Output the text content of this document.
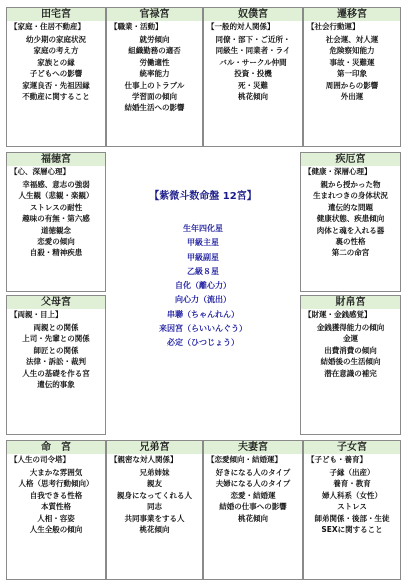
田宅宮
【家庭・住居不動産】
幼少期の家庭状況
家庭の考え方
家族との縁
子どもへの影響
家運良否・先祖因縁
不動産に関すること
官禄宮
【職業・活動】
就労傾向
組織勤務の適否
労働適性
統率能力
仕事上のトラブル
学習面の傾向
結婚生活への影響
奴僕宮
【一般的対人関係】
同僚・部下・ご近所・
同級生・同業者・ライ
バル・サークル仲間
投資・投機
死・災難
桃花傾向
遷移宮
【社会行動運】
社会運、対人運
危険察知能力
事故・災難運
第一印象
周囲からの影響
外出運
福徳宮
【心、深層心理】
幸福感、意志の強弱
人生観（悲観・楽観）
ストレスの耐性
趣味の有無・第六感
道徳観念
恋愛の傾向
自殺・精神疾患
【紫微斗数命盤 12宮】
生年四化星
甲級主星
甲級副星
乙級８星
自化（離心力）
向心力（流出）
串聯（ちゃんれん）
来因宮（らいいんぐう）
必定（ひつじょう）
疾厄宮
【健康・深層心理】
親から授かった物
生まれつきの身体状況
遺伝的な問題
健康状態、疾患傾向
肉体と魂を入れる器
裏の性格
第二の命宮
父母宮
【両親・目上】
両親との関係
上司・先輩との関係
師匠との関係
法律・訴訟・裁判
人生の基礎を作る宮
遺伝的事象
財帛宮
【財運・金銭感覚】
金銭獲得能力の傾向
金運
出費消費の傾向
結婚後の生活傾向
潜在意識の補完
命　宮
【人生の司令塔】
大まかな雰囲気
人格（思考行動傾向）
自我できる性格
本質性格
人相・容姿
人生全般の傾向
兄弟宮
【親密な対人関係】
兄弟姉妹
親友
親身になってくれる人
同志
共同事業をする人
桃花傾向
夫妻宮
【恋愛傾向・結婚運】
好きになる人のタイプ
夫婦になる人のタイプ
恋愛・結婚運
結婚の仕事への影響
桃花傾向
子女宮
【子ども・養育】
子縁（出産）
養育・教育
婦人科系（女性）
ストレス
師弟関係・後部・生徒
SEXに関すること
